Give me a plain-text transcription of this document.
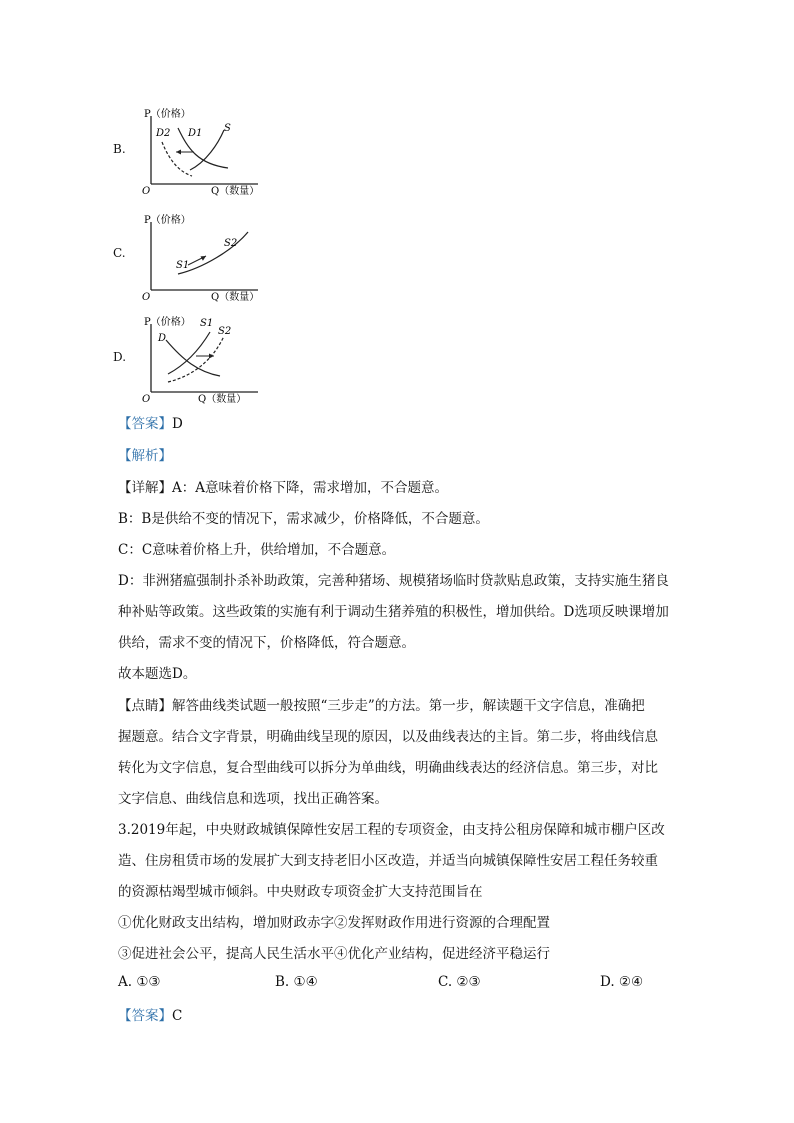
B.
P（价格）
Q（数量）
O
D2 D1 S
C.
P（价格）
Q（数量）
O
S2
S1
D.
P（价格）
Q（数量）
O
D
S1
S2
【答案】D
【解析】
【详解】A：A意味着价格下降，需求增加，不合题意。
B：B是供给不变的情况下，需求减少，价格降低，不合题意。
C：C意味着价格上升，供给增加，不合题意。
D：非洲猪瘟强制扑杀补助政策，完善种猪场、规模猪场临时贷款贴息政策，支持实施生猪良
种补贴等政策。这些政策的实施有利于调动生猪养殖的积极性，增加供给。D选项反映课增加
供给，需求不变的情况下，价格降低，符合题意。
故本题选D。
【点睛】解答曲线类试题一般按照“三步走”的方法。第一步，解读题干文字信息，准确把
握题意。结合文字背景，明确曲线呈现的原因，以及曲线表达的主旨。第二步，将曲线信息
转化为文字信息，复合型曲线可以拆分为单曲线，明确曲线表达的经济信息。第三步，对比
文字信息、曲线信息和选项，找出正确答案。
3.2019年起，中央财政城镇保障性安居工程的专项资金，由支持公租房保障和城市棚户区改
造、住房租赁市场的发展扩大到支持老旧小区改造，并适当向城镇保障性安居工程任务较重
的资源枯竭型城市倾斜。中央财政专项资金扩大支持范围旨在
①优化财政支出结构，增加财政赤字②发挥财政作用进行资源的合理配置
③促进社会公平，提高人民生活水平④优化产业结构，促进经济平稳运行
A. ①③	B. ①④	C. ②③	D. ②④
【答案】C
